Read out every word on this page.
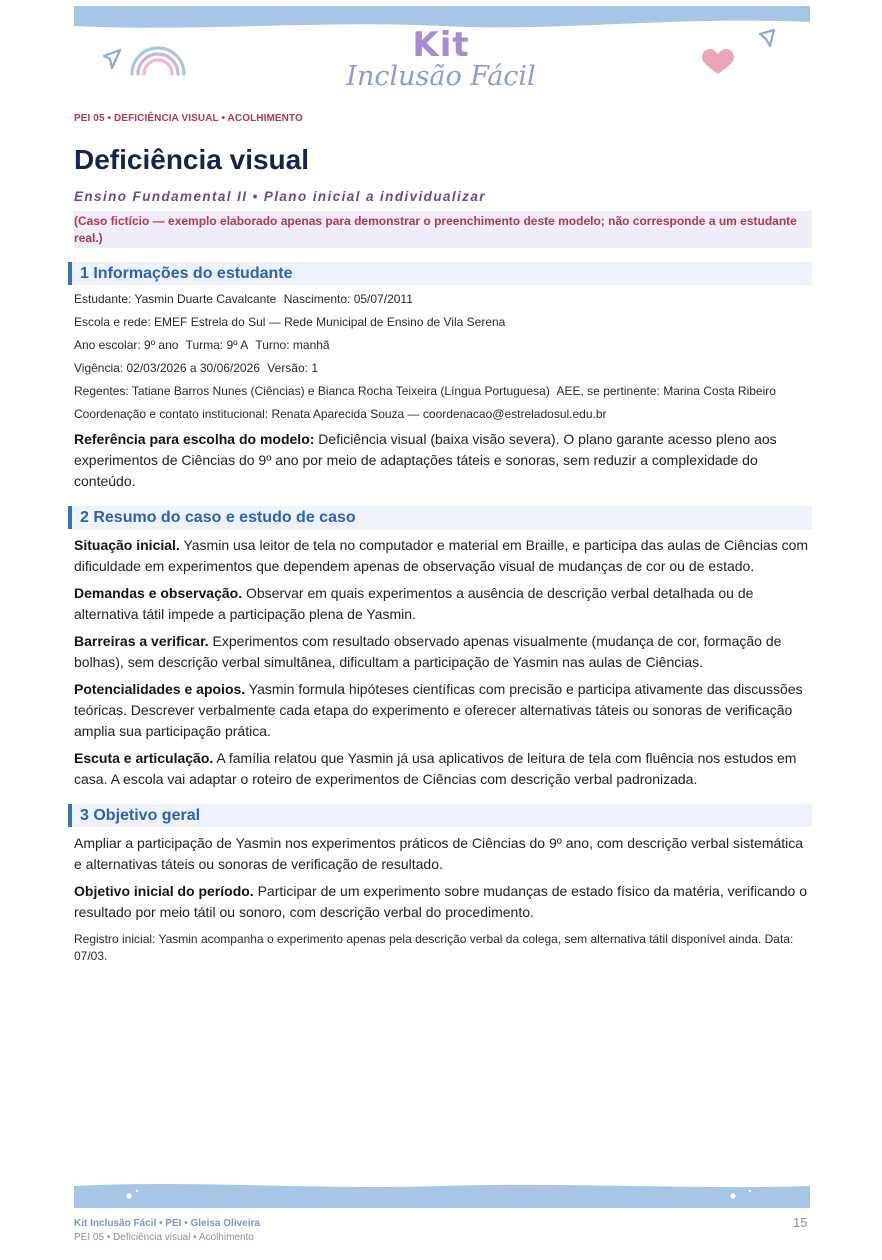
Kit
Inclusão Fácil
PEI 05 • DEFICIÊNCIA VISUAL • ACOLHIMENTO
Deficiência visual
Ensino Fundamental II • Plano inicial a individualizar
(Caso fictício — exemplo elaborado apenas para demonstrar o preenchimento deste modelo; não corresponde a um estudante real.)
1 Informações do estudante
Estudante: Yasmin Duarte Cavalcante Nascimento: 05/07/2011
Escola e rede: EMEF Estrela do Sul — Rede Municipal de Ensino de Vila Serena
Ano escolar: 9º ano Turma: 9º A Turno: manhã
Vigência: 02/03/2026 a 30/06/2026 Versão: 1
Regentes: Tatiane Barros Nunes (Ciências) e Bianca Rocha Teixeira (Língua Portuguesa) AEE, se pertinente: Marina Costa Ribeiro
Coordenação e contato institucional: Renata Aparecida Souza — coordenacao@estreladosul.edu.br

Referência para escolha do modelo: Deficiência visual (baixa visão severa). O plano garante acesso pleno aos experimentos de Ciências do 9º ano por meio de adaptações táteis e sonoras, sem reduzir a complexidade do conteúdo.

2 Resumo do caso e estudo de caso

Situação inicial. Yasmin usa leitor de tela no computador e material em Braille, e participa das aulas de Ciências com dificuldade em experimentos que dependem apenas de observação visual de mudanças de cor ou de estado.

Demandas e observação. Observar em quais experimentos a ausência de descrição verbal detalhada ou de alternativa tátil impede a participação plena de Yasmin.

Barreiras a verificar. Experimentos com resultado observado apenas visualmente (mudança de cor, formação de bolhas), sem descrição verbal simultânea, dificultam a participação de Yasmin nas aulas de Ciências.

Potencialidades e apoios. Yasmin formula hipóteses científicas com precisão e participa ativamente das discussões teóricas. Descrever verbalmente cada etapa do experimento e oferecer alternativas táteis ou sonoras de verificação amplia sua participação prática.

Escuta e articulação. A família relatou que Yasmin já usa aplicativos de leitura de tela com fluência nos estudos em casa. A escola vai adaptar o roteiro de experimentos de Ciências com descrição verbal padronizada.

3 Objetivo geral

Ampliar a participação de Yasmin nos experimentos práticos de Ciências do 9º ano, com descrição verbal sistemática e alternativas táteis ou sonoras de verificação de resultado.

Objetivo inicial do período. Participar de um experimento sobre mudanças de estado físico da matéria, verificando o resultado por meio tátil ou sonoro, com descrição verbal do procedimento.

Registro inicial: Yasmin acompanha o experimento apenas pela descrição verbal da colega, sem alternativa tátil disponível ainda. Data: 07/03.

Kit Inclusão Fácil • PEI • Gleisa Oliveira
PEI 05 • Deficiência visual • Acolhimento
15
